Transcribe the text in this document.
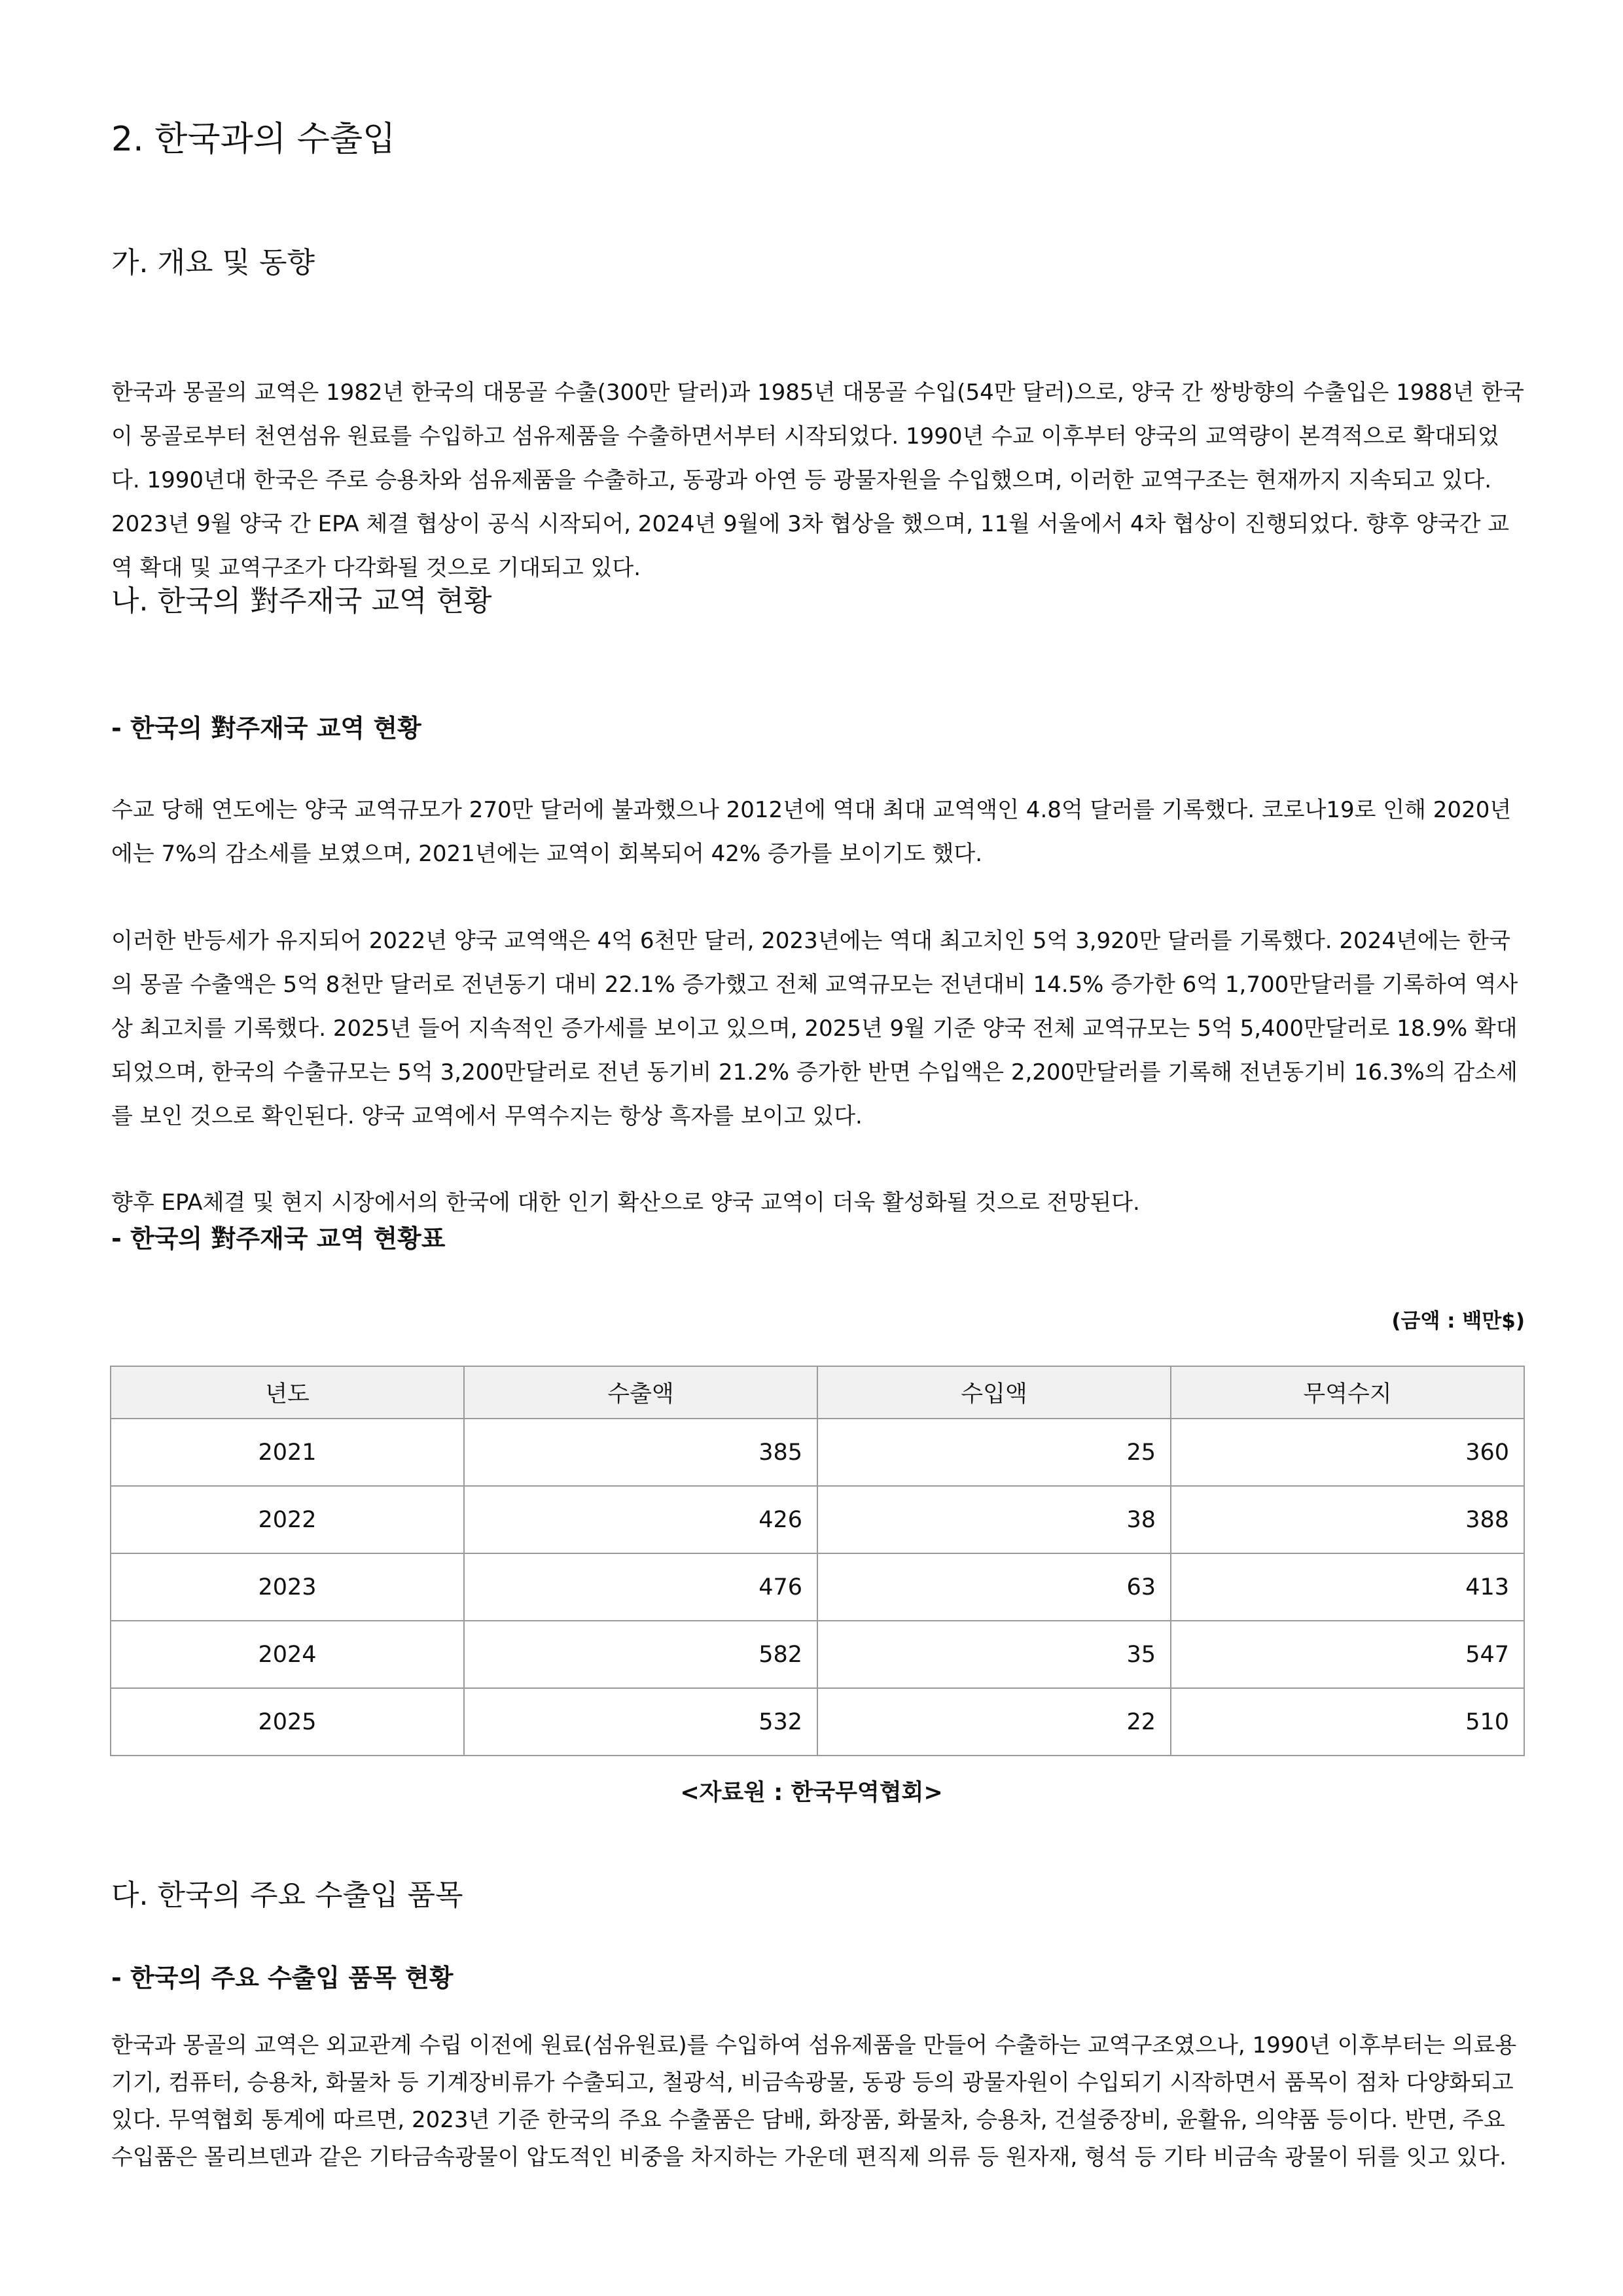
2. 한국과의 수출입
가. 개요 및 동향

한국과 몽골의 교역은 1982년 한국의 대몽골 수출(300만 달러)과 1985년 대몽골 수입(54만 달러)으로, 양국 간 쌍방향의 수출입은 1988년 한국이 몽골로부터 천연섬유 원료를 수입하고 섬유제품을 수출하면서부터 시작되었다. 1990년 수교 이후부터 양국의 교역량이 본격적으로 확대되었다. 1990년대 한국은 주로 승용차와 섬유제품을 수출하고, 동광과 아연 등 광물자원을 수입했으며, 이러한 교역구조는 현재까지 지속되고 있다. 2023년 9월 양국 간 EPA 체결 협상이 공식 시작되어, 2024년 9월에 3차 협상을 했으며, 11월 서울에서 4차 협상이 진행되었다. 향후 양국간 교역 확대 및 교역구조가 다각화될 것으로 기대되고 있다.

나. 한국의 對주재국 교역 현황
- 한국의 對주재국 교역 현황

수교 당해 연도에는 양국 교역규모가 270만 달러에 불과했으나 2012년에 역대 최대 교역액인 4.8억 달러를 기록했다. 코로나19로 인해 2020년에는 7%의 감소세를 보였으며, 2021년에는 교역이 회복되어 42% 증가를 보이기도 했다.

이러한 반등세가 유지되어 2022년 양국 교역액은 4억 6천만 달러, 2023년에는 역대 최고치인 5억 3,920만 달러를 기록했다. 2024년에는 한국의 몽골 수출액은 5억 8천만 달러로 전년동기 대비 22.1% 증가했고 전체 교역규모는 전년대비 14.5% 증가한 6억 1,700만달러를 기록하여 역사상 최고치를 기록했다. 2025년 들어 지속적인 증가세를 보이고 있으며, 2025년 9월 기준 양국 전체 교역규모는 5억 5,400만달러로 18.9% 확대되었으며, 한국의 수출규모는 5억 3,200만달러로 전년 동기비 21.2% 증가한 반면 수입액은 2,200만달러를 기록해 전년동기비 16.3%의 감소세를 보인 것으로 확인된다. 양국 교역에서 무역수지는 항상 흑자를 보이고 있다.

향후 EPA체결 및 현지 시장에서의 한국에 대한 인기 확산으로 양국 교역이 더욱 활성화될 것으로 전망된다.

- 한국의 對주재국 교역 현황표
(금액 : 백만$)
년도	수출액	수입액	무역수지
2021	385	25	360
2022	426	38	388
2023	476	63	413
2024	582	35	547
2025	532	22	510
<자료원 : 한국무역협회>
다. 한국의 주요 수출입 품목
- 한국의 주요 수출입 품목 현황

한국과 몽골의 교역은 외교관계 수립 이전에 원료(섬유원료)를 수입하여 섬유제품을 만들어 수출하는 교역구조였으나, 1990년 이후부터는 의료용기기, 컴퓨터, 승용차, 화물차 등 기계장비류가 수출되고, 철광석, 비금속광물, 동광 등의 광물자원이 수입되기 시작하면서 품목이 점차 다양화되고 있다. 무역협회 통계에 따르면, 2023년 기준 한국의 주요 수출품은 담배, 화장품, 화물차, 승용차, 건설중장비, 윤활유, 의약품 등이다. 반면, 주요 수입품은 몰리브덴과 같은 기타금속광물이 압도적인 비중을 차지하는 가운데 편직제 의류 등 원자재, 형석 등 기타 비금속 광물이 뒤를 잇고 있다.
